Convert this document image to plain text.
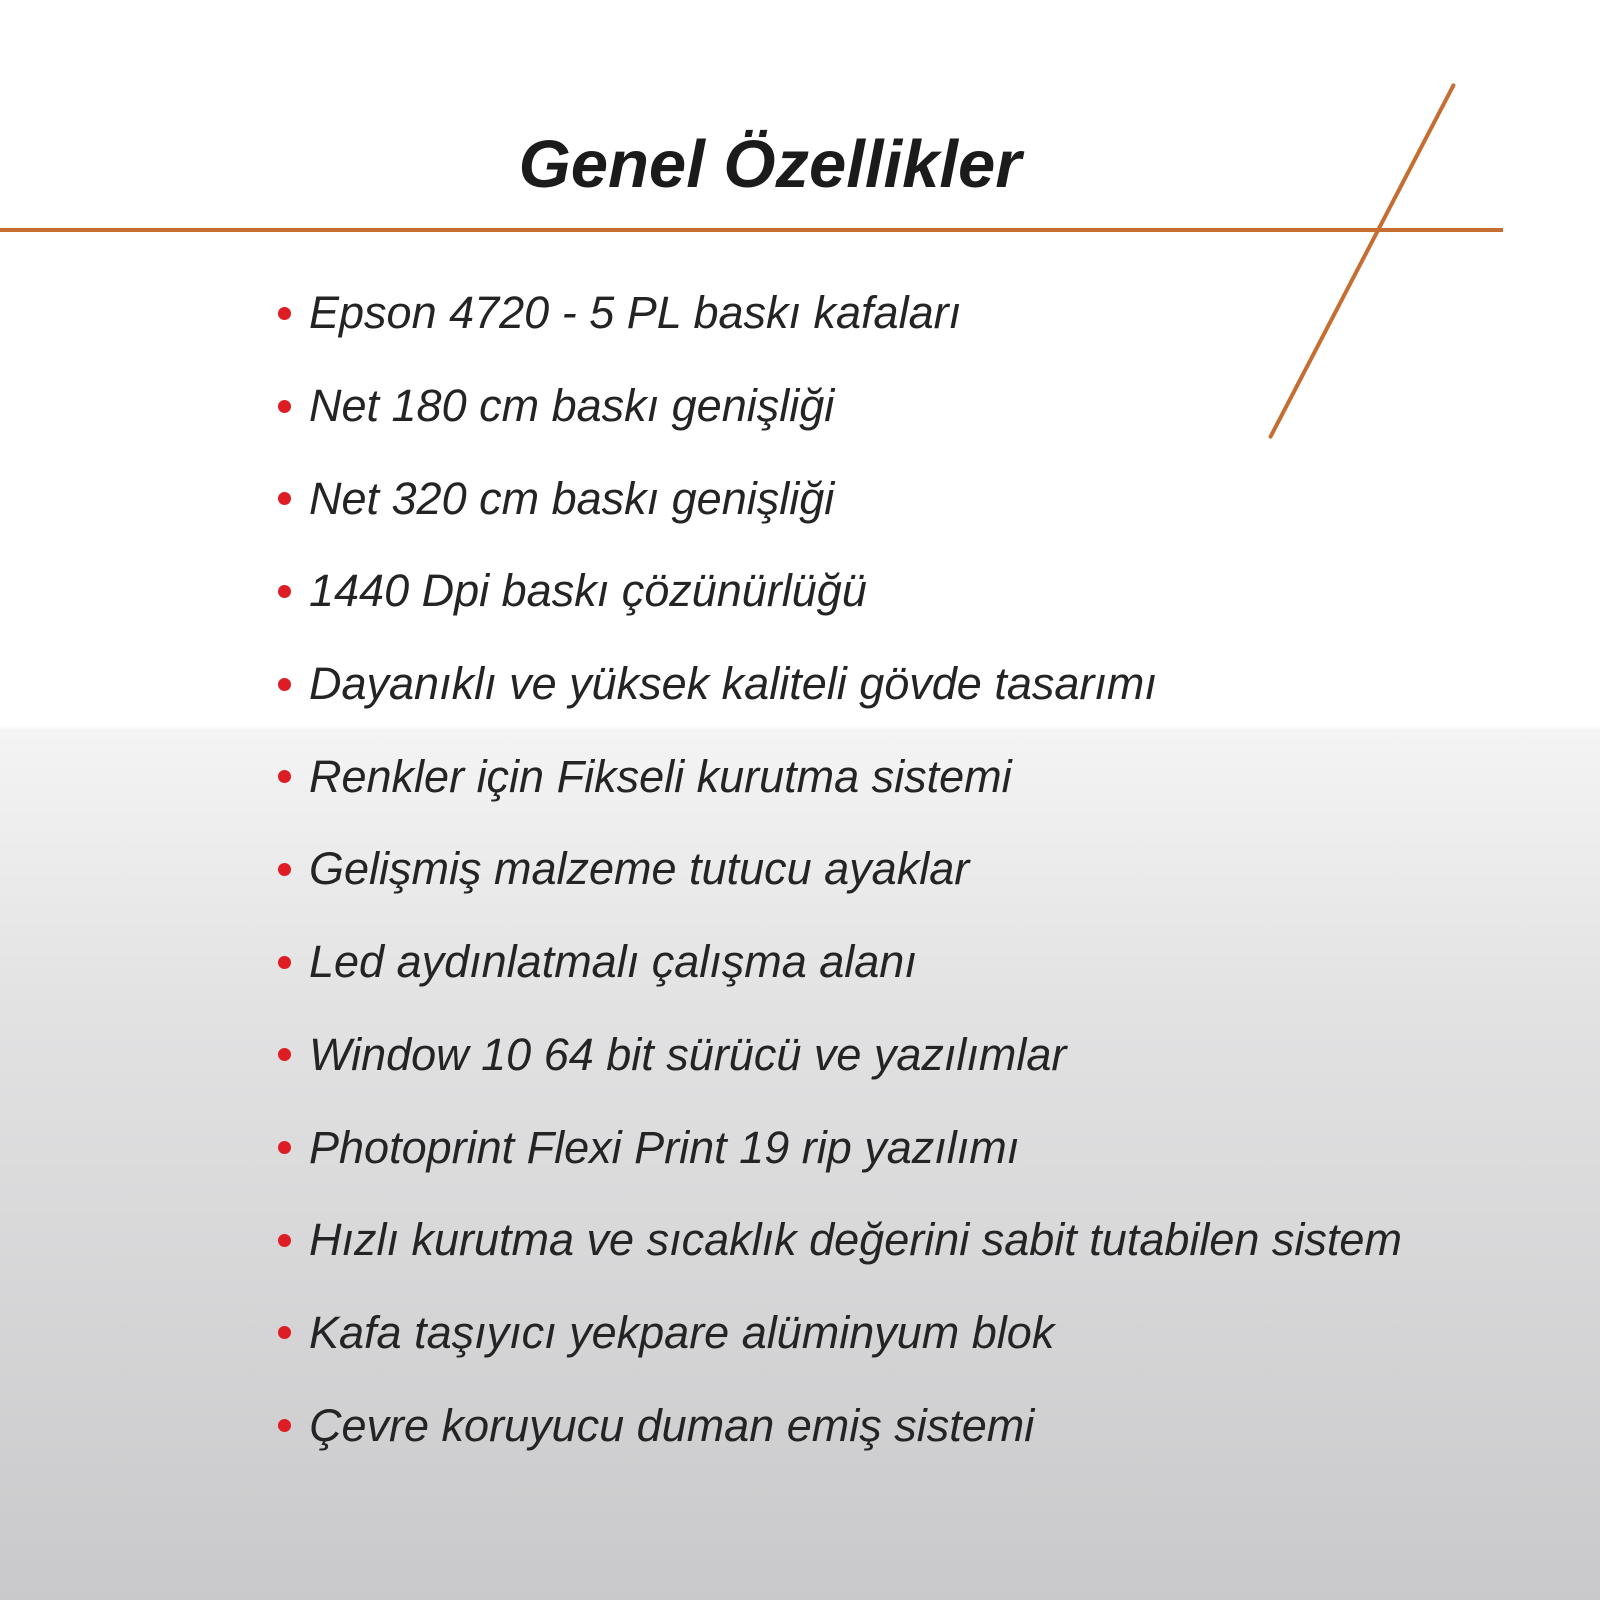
Genel Özellikler
Epson 4720 - 5 PL baskı kafaları
Net 180 cm baskı genişliği
Net 320 cm baskı genişliği
1440 Dpi baskı çözünürlüğü
Dayanıklı ve yüksek kaliteli gövde tasarımı
Renkler için Fikseli kurutma sistemi
Gelişmiş malzeme tutucu ayaklar
Led aydınlatmalı çalışma alanı
Window 10 64 bit sürücü ve yazılımlar
Photoprint Flexi Print 19 rip yazılımı
Hızlı kurutma ve sıcaklık değerini sabit tutabilen sistem
Kafa taşıyıcı yekpare alüminyum blok
Çevre koruyucu duman emiş sistemi
